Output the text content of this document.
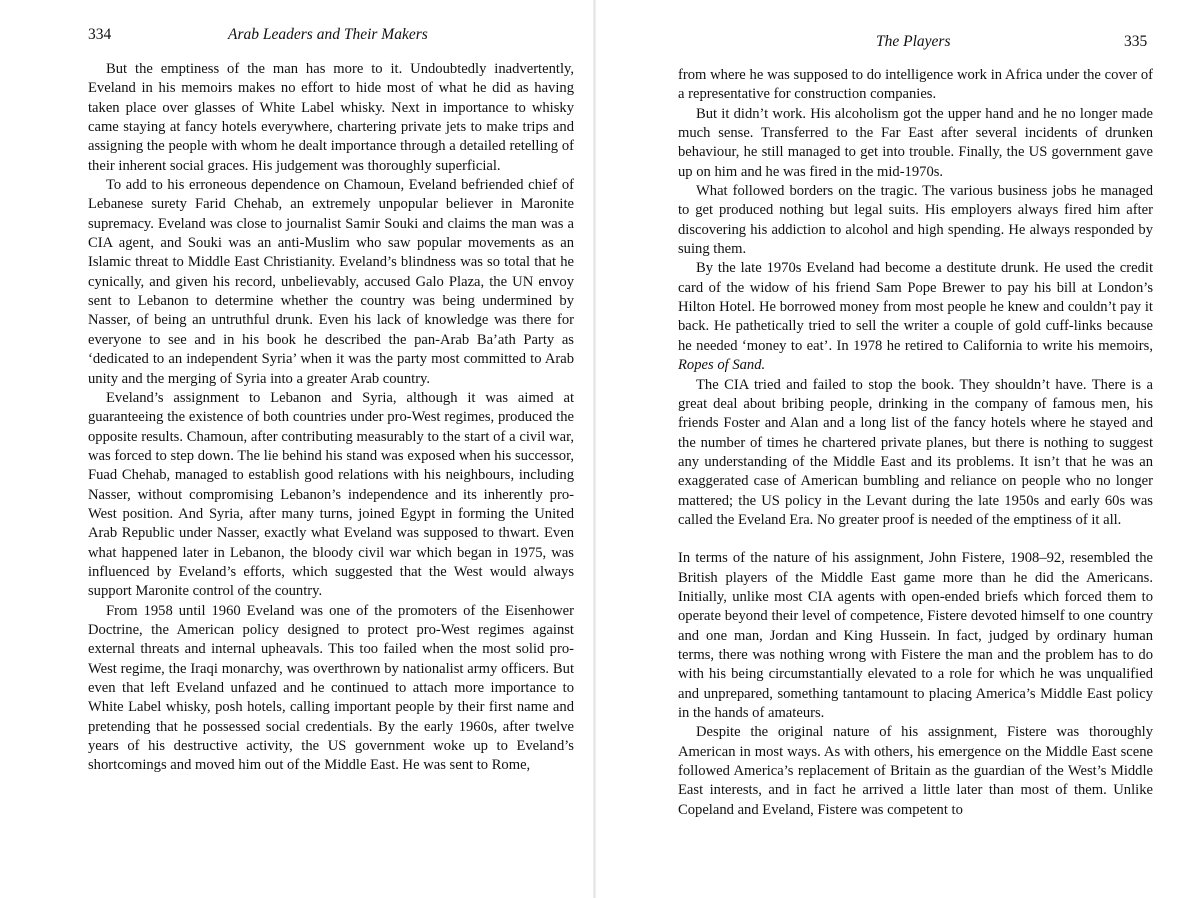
334	Arab Leaders and Their Makers

But the emptiness of the man has more to it. Undoubtedly inadvertently, Eveland in his memoirs makes no effort to hide most of what he did as having taken place over glasses of White Label whisky. Next in importance to whisky came staying at fancy hotels everywhere, chartering private jets to make trips and assigning the people with whom he dealt importance through a detailed retelling of their inherent social graces. His judgement was thoroughly superficial.

To add to his erroneous dependence on Chamoun, Eveland befriended chief of Lebanese surety Farid Chehab, an extremely unpopular believer in Maronite supremacy. Eveland was close to journalist Samir Souki and claims the man was a CIA agent, and Souki was an anti-Muslim who saw popular movements as an Islamic threat to Middle East Christianity. Eveland’s blindness was so total that he cynically, and given his record, unbelievably, accused Galo Plaza, the UN envoy sent to Lebanon to determine whether the country was being undermined by Nasser, of being an untruthful drunk. Even his lack of knowledge was there for everyone to see and in his book he described the pan-Arab Ba’ath Party as ‘dedicated to an independent Syria’ when it was the party most committed to Arab unity and the merging of Syria into a greater Arab country.

Eveland’s assignment to Lebanon and Syria, although it was aimed at guaranteeing the existence of both countries under pro-West regimes, produced the opposite results. Chamoun, after contributing measurably to the start of a civil war, was forced to step down. The lie behind his stand was exposed when his successor, Fuad Chehab, managed to establish good relations with his neighbours, including Nasser, without compromising Lebanon’s independence and its inherently pro-West position. And Syria, after many turns, joined Egypt in forming the United Arab Republic under Nasser, exactly what Eveland was supposed to thwart. Even what happened later in Lebanon, the bloody civil war which began in 1975, was influenced by Eveland’s efforts, which suggested that the West would always support Maronite control of the country.

From 1958 until 1960 Eveland was one of the promoters of the Eisenhower Doctrine, the American policy designed to protect pro-West regimes against external threats and internal upheavals. This too failed when the most solid pro-West regime, the Iraqi monarchy, was overthrown by nationalist army officers. But even that left Eveland unfazed and he continued to attach more importance to White Label whisky, posh hotels, calling important people by their first name and pretending that he possessed social credentials. By the early 1960s, after twelve years of his destructive activity, the US government woke up to Eveland’s shortcomings and moved him out of the Middle East. He was sent to Rome,

The Players	335

from where he was supposed to do intelligence work in Africa under the cover of a representative for construction companies.

But it didn’t work. His alcoholism got the upper hand and he no longer made much sense. Transferred to the Far East after several incidents of drunken behaviour, he still managed to get into trouble. Finally, the US government gave up on him and he was fired in the mid-1970s.

What followed borders on the tragic. The various business jobs he managed to get produced nothing but legal suits. His employers always fired him after discovering his addiction to alcohol and high spending. He always responded by suing them.

By the late 1970s Eveland had become a destitute drunk. He used the credit card of the widow of his friend Sam Pope Brewer to pay his bill at London’s Hilton Hotel. He borrowed money from most people he knew and couldn’t pay it back. He pathetically tried to sell the writer a couple of gold cuff-links because he needed ‘money to eat’. In 1978 he retired to California to write his memoirs, Ropes of Sand.

The CIA tried and failed to stop the book. They shouldn’t have. There is a great deal about bribing people, drinking in the company of famous men, his friends Foster and Alan and a long list of the fancy hotels where he stayed and the number of times he chartered private planes, but there is nothing to suggest any understanding of the Middle East and its problems. It isn’t that he was an exaggerated case of American bumbling and reliance on people who no longer mattered; the US policy in the Levant during the late 1950s and early 60s was called the Eveland Era. No greater proof is needed of the emptiness of it all.

In terms of the nature of his assignment, John Fistere, 1908–92, resembled the British players of the Middle East game more than he did the Americans. Initially, unlike most CIA agents with open-ended briefs which forced them to operate beyond their level of competence, Fistere devoted himself to one country and one man, Jordan and King Hussein. In fact, judged by ordinary human terms, there was nothing wrong with Fistere the man and the problem has to do with his being circumstantially elevated to a role for which he was unqualified and unprepared, something tantamount to placing America’s Middle East policy in the hands of amateurs.

Despite the original nature of his assignment, Fistere was thoroughly American in most ways. As with others, his emergence on the Middle East scene followed America’s replacement of Britain as the guardian of the West’s Middle East interests, and in fact he arrived a little later than most of them. Unlike Copeland and Eveland, Fistere was competent to
